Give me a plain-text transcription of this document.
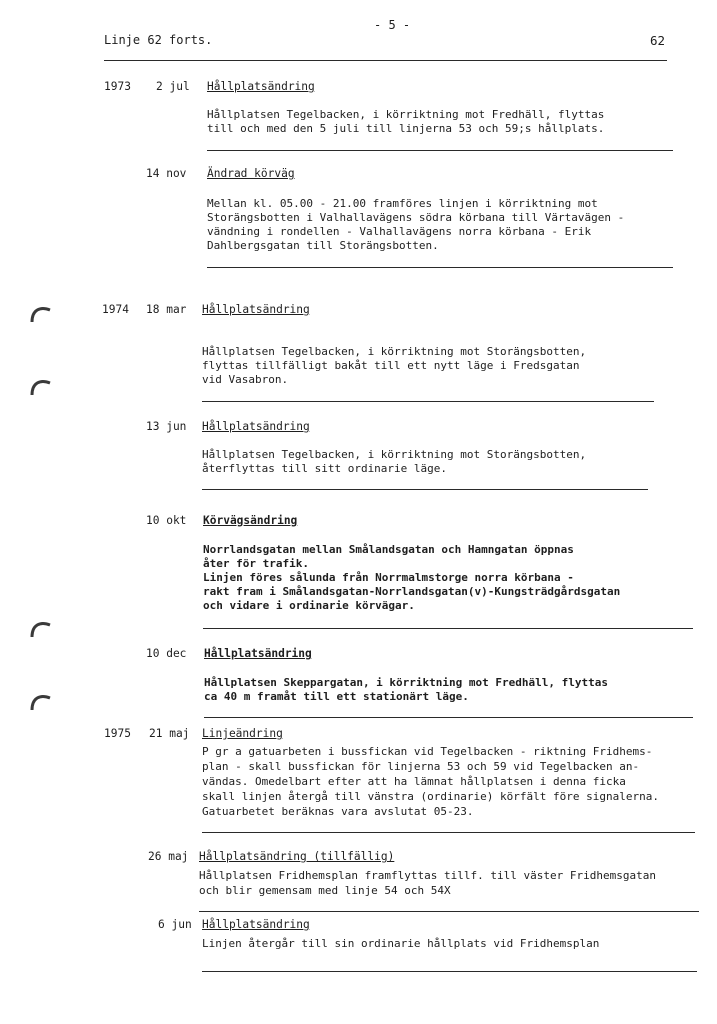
- 5 -
Linje 62 forts.	62
1973 2 jul Hållplatsändring
Hållplatsen Tegelbacken, i körriktning mot Fredhäll, flyttas
till och med den 5 juli till linjerna 53 och 59;s hållplats.
14 nov Ändrad körväg
Mellan kl. 05.00 - 21.00 framföres linjen i körriktning mot
Storängsbotten i Valhallavägens södra körbana till Värtavägen -
vändning i rondellen - Valhallavägens norra körbana - Erik
Dahlbergsgatan till Storängsbotten.
1974 18 mar Hållplatsändring
Hållplatsen Tegelbacken, i körriktning mot Storängsbotten,
flyttas tillfälligt bakåt till ett nytt läge i Fredsgatan
vid Vasabron.
13 jun Hållplatsändring
Hållplatsen Tegelbacken, i körriktning mot Storängsbotten,
återflyttas till sitt ordinarie läge.
10 okt Körvägsändring
Norrlandsgatan mellan Smålandsgatan och Hamngatan öppnas
åter för trafik.
Linjen föres sålunda från Norrmalmstorge norra körbana -
rakt fram i Smålandsgatan-Norrlandsgatan(v)-Kungsträdgårdsgatan
och vidare i ordinarie körvägar.
10 dec Hållplatsändring
Hållplatsen Skeppargatan, i körriktning mot Fredhäll, flyttas
ca 40 m framåt till ett stationärt läge.
1975 21 maj Linjeändring
P gr a gatuarbeten i bussfickan vid Tegelbacken - riktning Fridhems-
plan - skall bussfickan för linjerna 53 och 59 vid Tegelbacken an-
vändas. Omedelbart efter att ha lämnat hållplatsen i denna ficka
skall linjen återgå till vänstra (ordinarie) körfält före signalerna.
Gatuarbetet beräknas vara avslutat 05-23.
26 maj Hållplatsändring (tillfällig)
Hållplatsen Fridhemsplan framflyttas tillf. till väster Fridhemsgatan
och blir gemensam med linje 54 och 54X
6 jun Hållplatsändring
Linjen återgår till sin ordinarie hållplats vid Fridhemsplan
